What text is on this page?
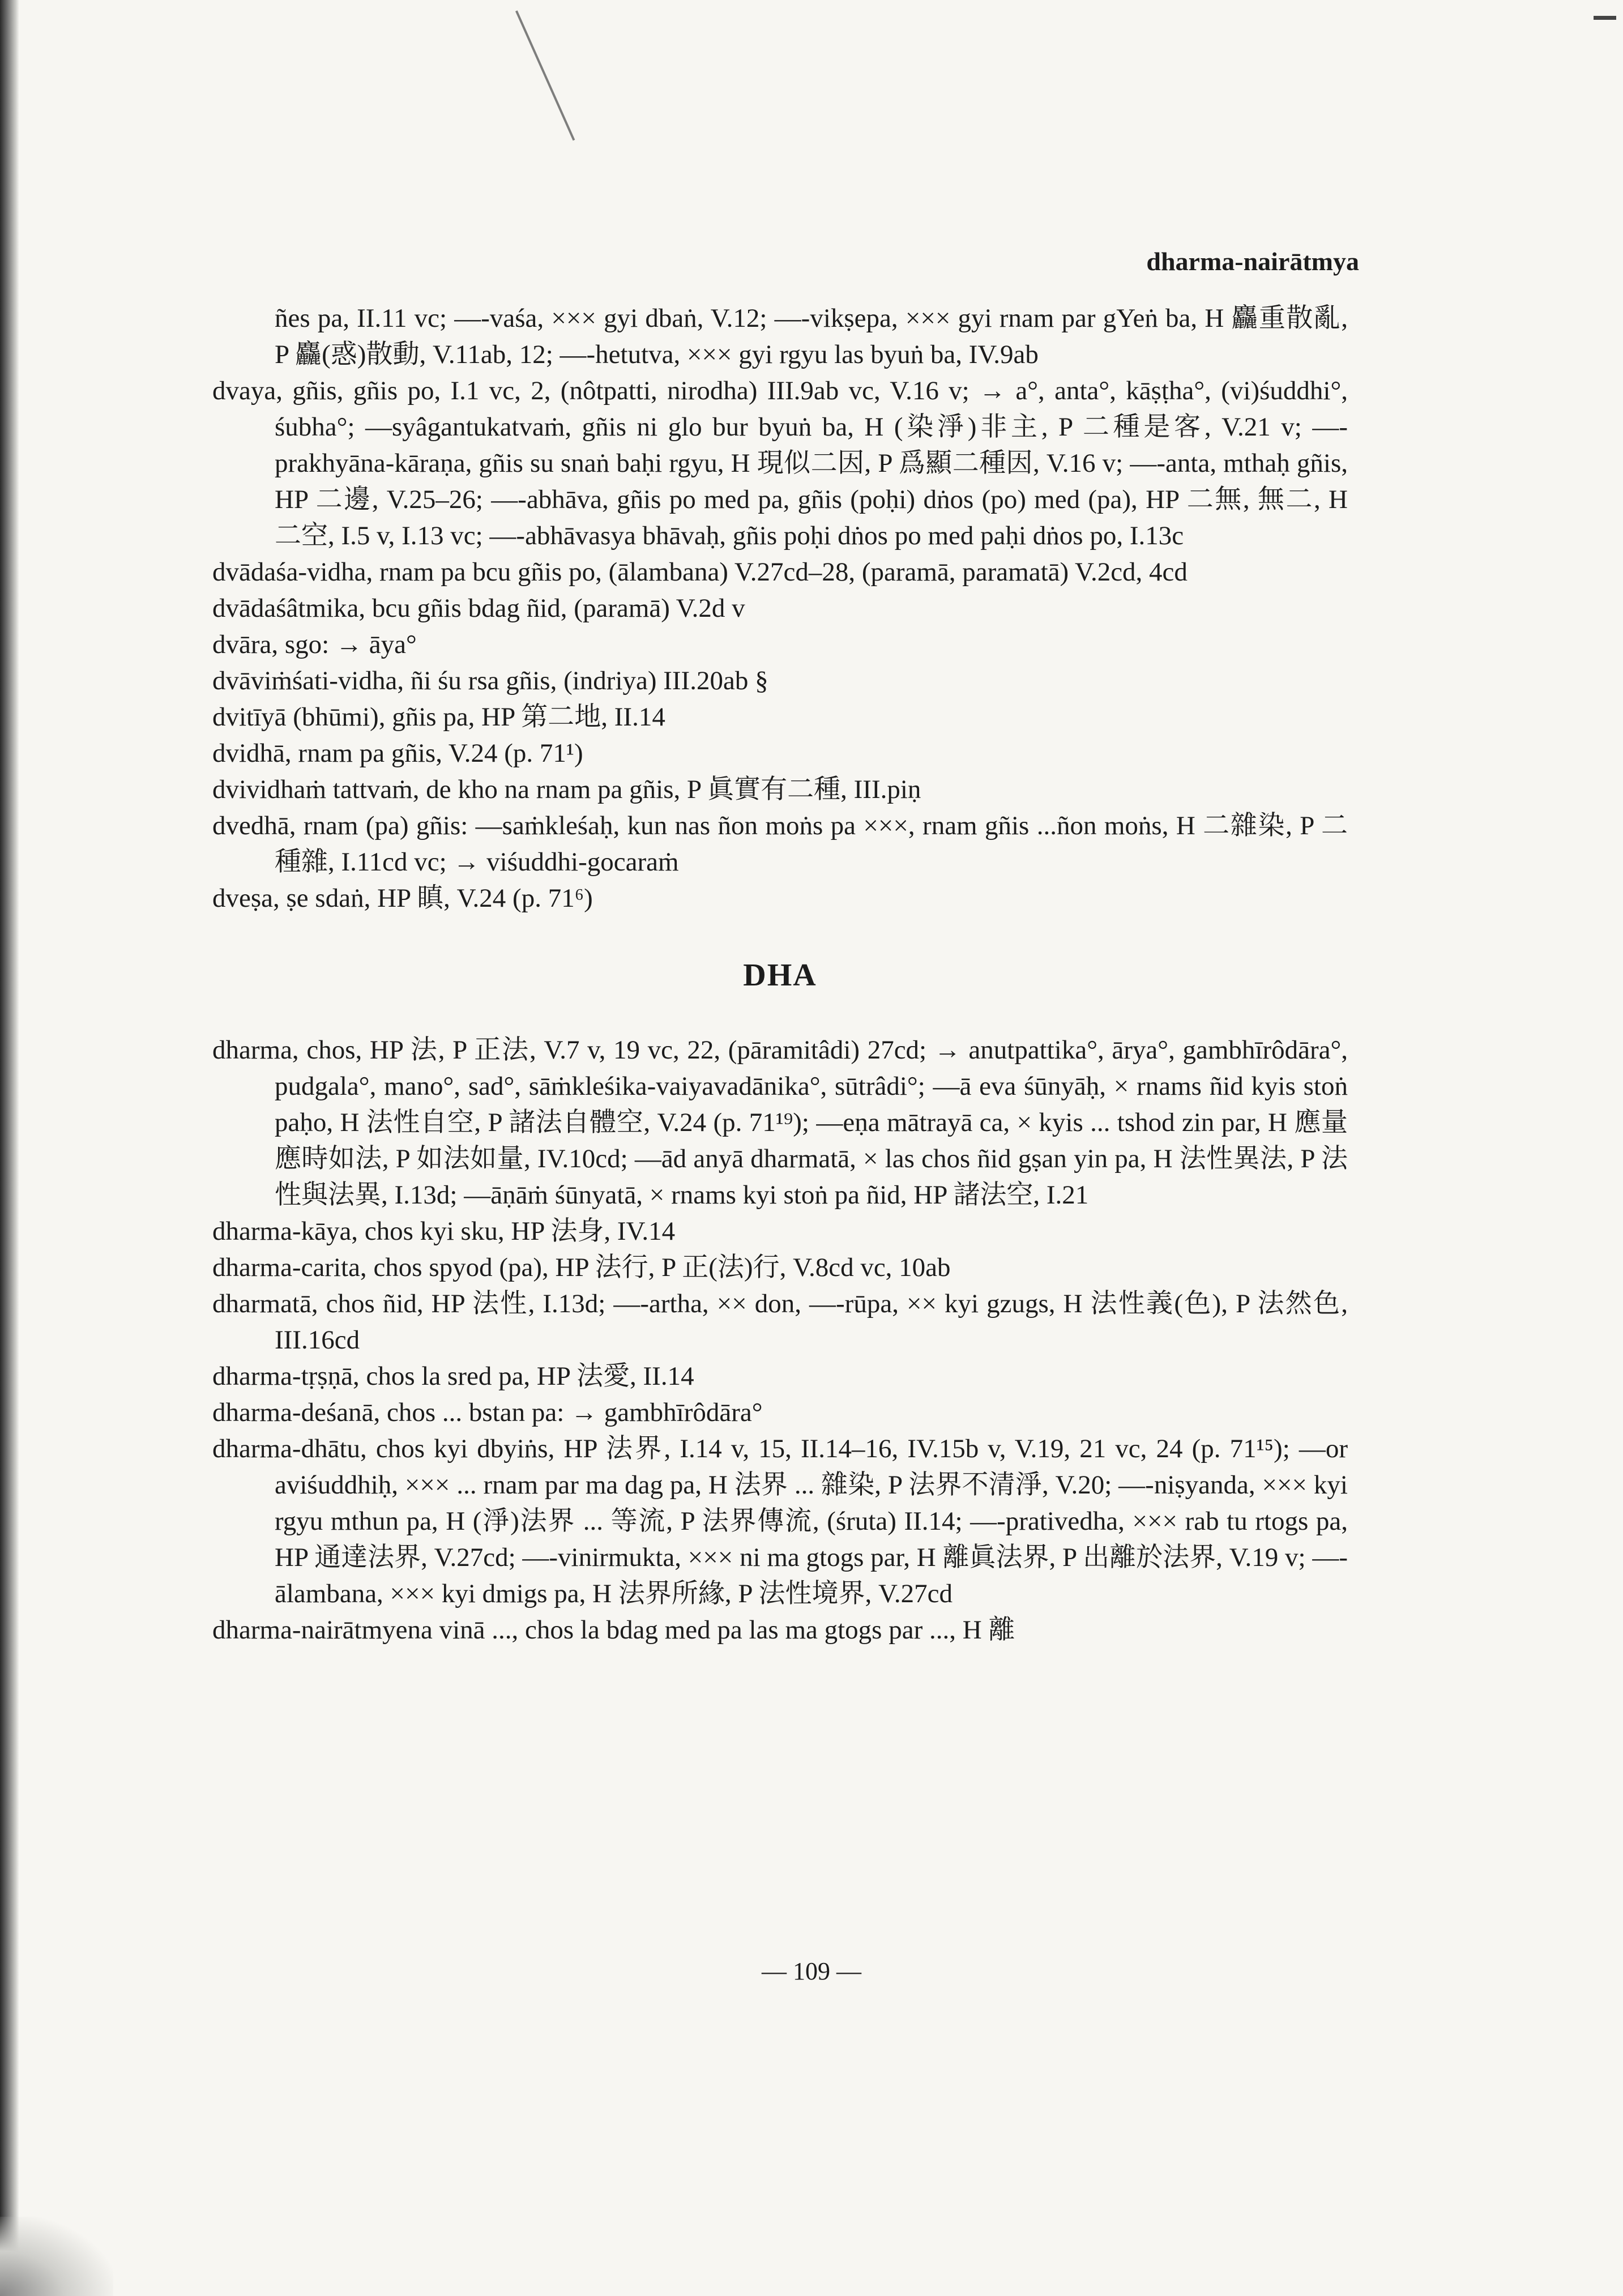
dharma-nairātmya
ñes pa, II.11 vc; —-vaśa, ××× gyi dbaṅ, V.12; —-vikṣepa, ××× gyi rnam par gYeṅ ba, H 麤重散亂, P 麤(惑)散動, V.11ab, 12; —-hetutva, ××× gyi rgyu las byuṅ ba, IV.9ab
dvaya, gñis, gñis po, I.1 vc, 2, (nôtpatti, nirodha) III.9ab vc, V.16 v; → a°, anta°, kāṣṭha°, (vi)śuddhi°, śubha°; —syâgantukatvaṁ, gñis ni glo bur byuṅ ba, H (染淨)非主, P 二種是客, V.21 v; —-prakhyāna-kāraṇa, gñis su snaṅ baḥi rgyu, H 現似二因, P 爲顯二種因, V.16 v; —-anta, mthaḥ gñis, HP 二邊, V.25–26; —-abhāva, gñis po med pa, gñis (poḥi) dṅos (po) med (pa), HP 二無, 無二, H 二空, I.5 v, I.13 vc; —-abhāvasya bhāvaḥ, gñis poḥi dṅos po med paḥi dṅos po, I.13c
dvādaśa-vidha, rnam pa bcu gñis po, (ālambana) V.27cd–28, (paramā, paramatā) V.2cd, 4cd
dvādaśâtmika, bcu gñis bdag ñid, (paramā) V.2d v
dvāra, sgo: → āya°
dvāviṁśati-vidha, ñi śu rsa gñis, (indriya) III.20ab §
dvitīyā (bhūmi), gñis pa, HP 第二地, II.14
dvidhā, rnam pa gñis, V.24 (p. 71¹)
dvividhaṁ tattvaṁ, de kho na rnam pa gñis, P 眞實有二種, III.piṇ
dvedhā, rnam (pa) gñis: —saṁkleśaḥ, kun nas ñon moṅs pa ×××, rnam gñis ...ñon moṅs, H 二雜染, P 二種雜, I.11cd vc; → viśuddhi-gocaraṁ
dveṣa, ṣe sdaṅ, HP 瞋, V.24 (p. 71⁶)
DHA
dharma, chos, HP 法, P 正法, V.7 v, 19 vc, 22, (pāramitâdi) 27cd; → anutpattika°, ārya°, gambhīrôdāra°, pudgala°, mano°, sad°, sāṁkleśika-vaiyavadānika°, sūtrâdi°; —ā eva śūnyāḥ, × rnams ñid kyis stoṅ paḥo, H 法性自空, P 諸法自體空, V.24 (p. 71¹⁹); —eṇa mātrayā ca, × kyis ... tshod zin par, H 應量應時如法, P 如法如量, IV.10cd; —ād anyā dharmatā, × las chos ñid gṣan yin pa, H 法性異法, P 法性與法異, I.13d; —āṇāṁ śūnyatā, × rnams kyi stoṅ pa ñid, HP 諸法空, I.21
dharma-kāya, chos kyi sku, HP 法身, IV.14
dharma-carita, chos spyod (pa), HP 法行, P 正(法)行, V.8cd vc, 10ab
dharmatā, chos ñid, HP 法性, I.13d; —-artha, ×× don, —-rūpa, ×× kyi gzugs, H 法性義(色), P 法然色, III.16cd
dharma-tṛṣṇā, chos la sred pa, HP 法愛, II.14
dharma-deśanā, chos ... bstan pa: → gambhīrôdāra°
dharma-dhātu, chos kyi dbyiṅs, HP 法界, I.14 v, 15, II.14–16, IV.15b v, V.19, 21 vc, 24 (p. 71¹⁵); —or aviśuddhiḥ, ××× ... rnam par ma dag pa, H 法界 ... 雜染, P 法界不清淨, V.20; —-niṣyanda, ××× kyi rgyu mthun pa, H (淨)法界 ... 等流, P 法界傳流, (śruta) II.14; —-prativedha, ××× rab tu rtogs pa, HP 通達法界, V.27cd; —-vinirmukta, ××× ni ma gtogs par, H 離眞法界, P 出離於法界, V.19 v; —-ālambana, ××× kyi dmigs pa, H 法界所緣, P 法性境界, V.27cd
dharma-nairātmyena vinā ..., chos la bdag med pa las ma gtogs par ..., H 離
— 109 —
